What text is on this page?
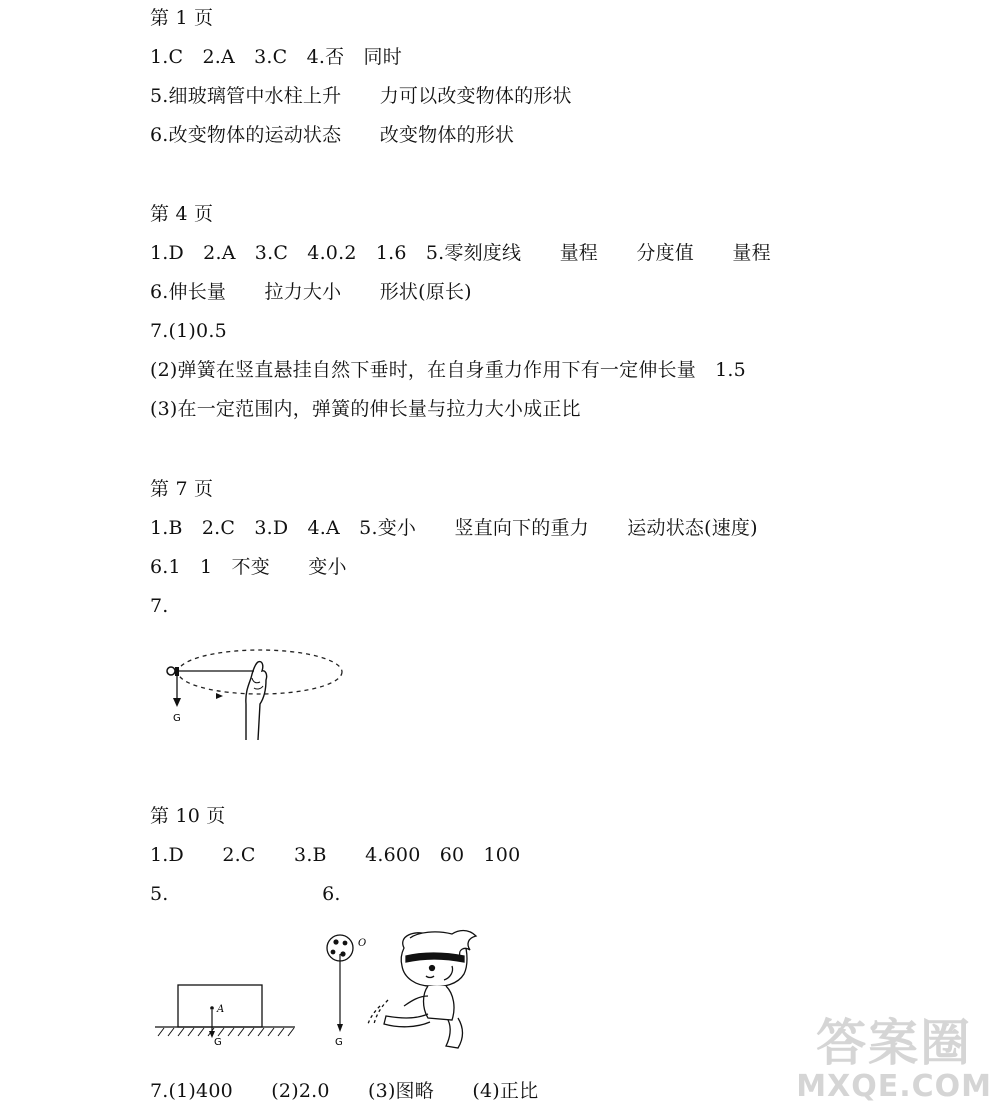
第 1 页
1.C　2.A　3.C　4.否　同时
5.细玻璃管中水柱上升　　力可以改变物体的形状
6.改变物体的运动状态　　改变物体的形状
第 4 页
1.D　2.A　3.C　4.0.2　1.6　5.零刻度线　　量程　　分度值　　量程
6.伸长量　　拉力大小　　形状(原长)
7.(1)0.5
(2)弹簧在竖直悬挂自然下垂时，在自身重力作用下有一定伸长量　1.5
(3)在一定范围内，弹簧的伸长量与拉力大小成正比
第 7 页
1.B　2.C　3.D　4.A　5.变小　　竖直向下的重力　　运动状态(速度)
6.1　1　不变　　变小
7.
G
第 10 页
1.D　　2.C　　3.B　　4.600　60　100
5.　　　　　　　　6.
A
G
O
G
7.(1)400　　(2)2.0　　(3)图略　　(4)正比
答案圈
MXQE.COM
